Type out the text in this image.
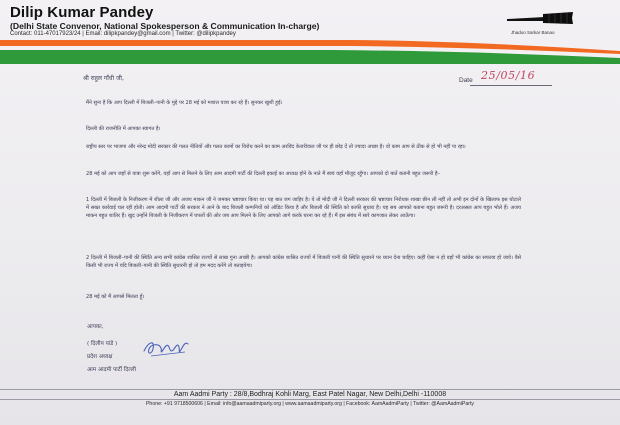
Dilip Kumar Pandey
(Delhi State Convenor, National Spokesperson & Communication In-charge)
Contact: 011-47017923/24 | Email: dilipkpandey@gmail.com | Twitter: @dilipkpandey	Jhadoo Sarkar Banao
श्री राहुल गाँधी जी,	Date 25/05/16
मैंने सुना है कि आप दिल्ली में बिजली–पानी के मुद्दे पर 28 मई को मशाल यात्रा कर रहे हैं। सुनकर खुशी हुई।
दिल्ली की राजनीति में आपका स्वागत है।
राष्ट्रीय स्तर पर भाजपा और नरेन्द्र मोदी सरकार की गलत नीतियों और गलत कामों का विरोध करने का काम अरविंद केजरीवाल जी पर ही छोड़ दें तो ज्यादा अच्छा है। वो काम आप से ठीक से हो भी नहीं पा रहा।
28 मई को आप जहाँ से यात्रा शुरू करेंगे, वहाँ आप से मिलने के लिए आम आदमी पार्टी की दिल्ली इकाई का अध्यक्ष होने के नाते मैं स्वयं वहाँ मौजूद रहूँगा। आपको दो बातें बतानी बहुत जरूरी है–
1 दिल्ली में बिजली के निजीकरण में शीला जी और अजय माकन जी ने जमकर भ्रष्टाचार किया था। यह बात जग जाहिर है। ये तो मोदी जी ने दिल्ली सरकार की भ्रष्टाचार निरोधक शाखा छीन ली नहीं तो अभी इन दोनों के खिलाफ इस घोटाले में सख्त कार्रवाई चल रही होती। आम आदमी पार्टी की सरकार ने आने के बाद बिजली कम्पनियों को ऑडिट किया है और बिजली की स्थिति को काफी सुधारा है। यह सब आपको बताना बहुत जरूरी है। दरअसल आप बहुत भोले हैं। अजय माकन बहुत शातिर हैं। खुद उन्होंने बिजली के निजीकरण में घपलों की ओर जब आप मिलने के लिए आपको आगे करके घरना कर रहे हैं। मैं इस संबंध में सारे कागजात लेकर आऊँगा।
2 दिल्ली में बिजली–पानी की स्थिति अन्य सभी कांग्रेस शासित राज्यों से लाख गुना अच्छी है। आपको कांग्रेस शासित राज्यों में बिजली पानी की स्थिति सुधारने पर ध्यान देना चाहिए। कहीं ऐसा न हो वहाँ भी कांग्रेस का सफाया हो जाये। वैसे किसी भी राज्य में यदि बिजली–पानी की स्थिति सुधारनी हो तो हम मदद करेंगे तो बताइयेगा।
28 मई को मैं आपसे मिलता हूँ।
आपका,
( दिलीप पांडे )
प्रदेश अध्यक्ष
आम आदमी पार्टी दिल्ली
Aam Aadmi Party : 28/8,Bodhraj Kohli Marg, East Patel Nagar, New Delhi,Delhi -110008
Phone: +91 9718500606 | Email: info@aamaadmiparty.org | www.aamaadmiparty.org | Facebook: AamAadmiParty | Twitter: @AamAadmiParty
